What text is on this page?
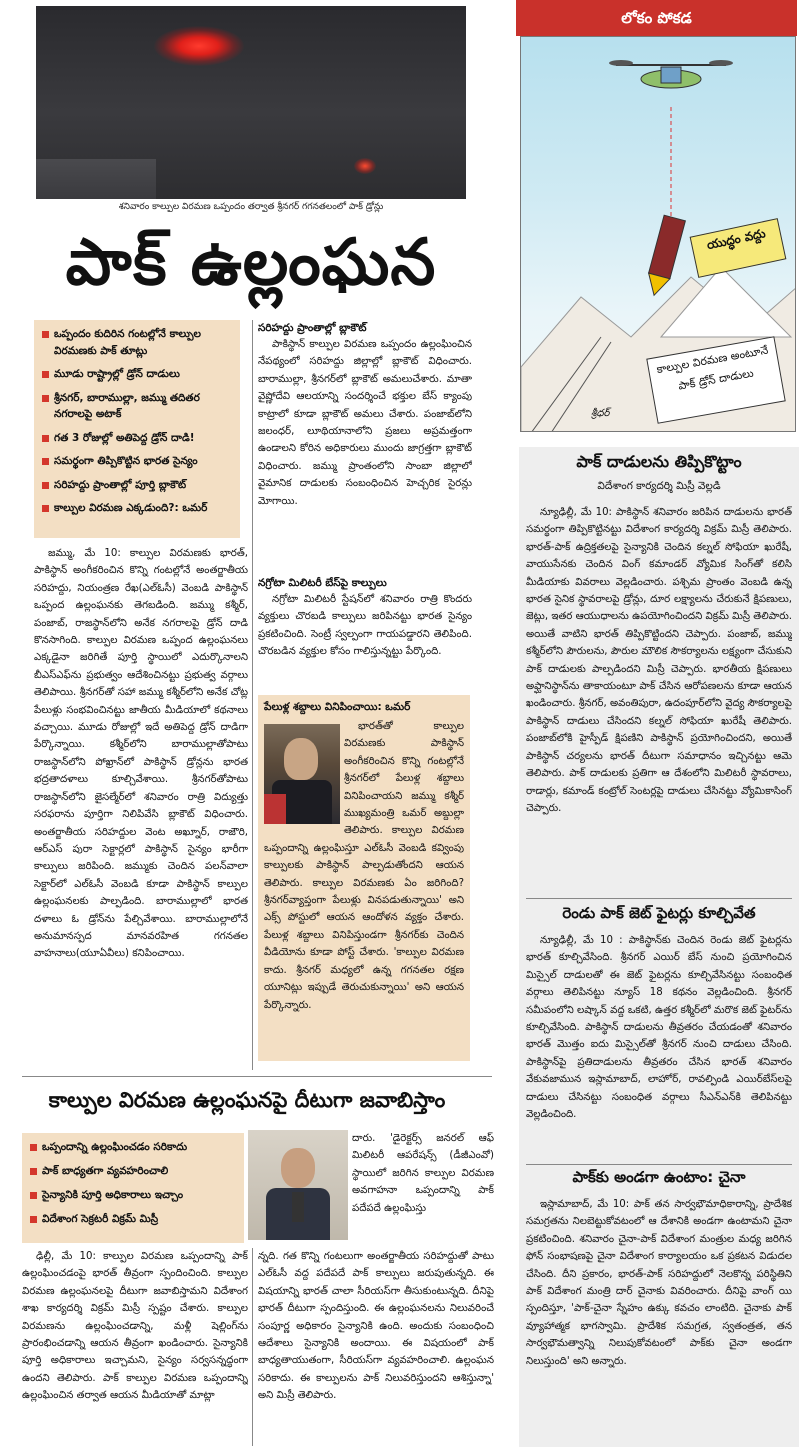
శనివారం కాల్పుల విరమణ ఒప్పందం తర్వాత శ్రీనగర్ గగనతలంలో పాక్ డ్రోన్లు
పాక్ ఉల్లంఘన
ఒప్పందం కుదిరిన గంటల్లోనే కాల్పుల విరమణకు పాక్ తూట్లు
మూడు రాష్ట్రాల్లో డ్రోన్ దాడులు
శ్రీనగర్, బారాముల్లా, జమ్ము తదితర నగరాలపై అటాక్
గత 3 రోజుల్లో అతిపెద్ద డ్రోన్ దాడి!
సమర్థంగా తిప్పికొట్టిన భారత సైన్యం
సరిహద్దు ప్రాంతాల్లో పూర్తి బ్లాకౌట్
కాల్పుల విరమణ ఎక్కడుంది?: ఒమర్

జమ్ము, మే 10: కాల్పుల విరమణకు భారత్, పాకిస్థాన్ అంగీకరించిన కొన్ని గంటల్లోనే అంతర్జాతీయ సరిహద్దు, నియంత్రణ రేఖ(ఎల్ఓసీ) వెంబడి పాకిస్థాన్ ఒప్పంద ఉల్లంఘనకు తెగబడింది. జమ్ము కశ్మీర్, పంజాబ్, రాజస్థాన్‌లోని అనేక నగరాలపై డ్రోన్ దాడి కొనసాగింది. కాల్పుల విరమణ ఒప్పంద ఉల్లంఘనలు ఎక్కడైనా జరిగితే పూర్తి స్థాయిలో ఎదుర్కొనాలని బీఎస్ఎఫ్‌ను ప్రభుత్వం ఆదేశించినట్టు ప్రభుత్వ వర్గాలు తెలిపాయి. శ్రీనగర్‌తో సహా జమ్ము కశ్మీర్‌లోని అనేక చోట్ల పేలుళ్లు సంభవించినట్టు జాతీయ మీడియాలో కథనాలు వచ్చాయి. మూడు రోజుల్లో ఇదే అతిపెద్ద డ్రోన్ దాడిగా పేర్కొన్నాయి. కశ్మీర్‌లోని బారాముల్లాతోపాటు రాజస్థాన్‌లోని పోఖ్రాన్‌లో పాకిస్థాన్ డ్రోన్లను భారత భద్రతాదళాలు కూల్చివేశాయి. శ్రీనగర్‌తోపాటు రాజస్థాన్‌లోని జైసల్మేర్‌లో శనివారం రాత్రి విద్యుత్తు సరఫరాను పూర్తిగా నిలిపివేసి బ్లాకౌట్ విధించారు. అంతర్జాతీయ సరిహద్దుల వెంట అఖ్నూర్, రాజౌరి, ఆర్ఎస్ పురా సెక్టార్లలో పాకిస్థాన్ సైన్యం భారీగా కాల్పులు జరిపింది. జమ్ముకు చెందిన పలన్‌వాలా సెక్టార్‌లో ఎల్ఓసీ వెంబడి కూడా పాకిస్థాన్ కాల్పుల ఉల్లంఘనలకు పాల్పడింది. బారాముల్లాలో భారత దళాలు ఓ డ్రోన్‌ను పేల్చివేశాయి. బారాముల్లాలోనే అనుమానస్పద మానవరహిత గగనతల వాహనాలు(యూఏవీలు) కనిపించాయి.

సరిహద్దు ప్రాంతాల్లో బ్లాకౌట్

పాకిస్థాన్ కాల్పుల విరమణ ఒప్పందం ఉల్లంఘించిన నేపథ్యంలో సరిహద్దు జిల్లాల్లో బ్లాకౌట్ విధించారు. బారాముల్లా, శ్రీనగర్‌లో బ్లాకౌట్ అమలుచేశారు. మాతా వైష్ణోదేవి ఆలయాన్ని సందర్శించే భక్తుల బేస్ క్యాంపు కాట్రాలో కూడా బ్లాకౌట్ అమలు చేశారు. పంజాబ్‌లోని జలంధర్, లూథియానాలోని ప్రజలు అప్రమత్తంగా ఉండాలని కోరిన అధికారులు ముందు జాగ్రత్తగా బ్లాకౌట్ విధించారు. జమ్ము ప్రాంతంలోని సాంబా జిల్లాలో వైమానిక దాడులకు సంబంధించిన హెచ్చరిక సైరన్లు మోగాయి.

నగ్రోటా మిలిటరీ బేస్‌పై కాల్పులు

నగ్రోటా మిలిటరీ స్టేషన్‌లో శనివారం రాత్రి కొందరు వ్యక్తులు చొరబడి కాల్పులు జరిపినట్టు భారత సైన్యం ప్రకటించింది. సెంట్రీ స్వల్పంగా గాయపడ్డారని తెలిపింది. చొరబడిన వ్యక్తుల కోసం గాలిస్తున్నట్టు పేర్కొంది.

పేలుళ్ల శబ్దాలు వినిపించాయి: ఒమర్

భారత్‌తో కాల్పుల విరమణకు పాకిస్థాన్ అంగీకరించిన కొన్ని గంటల్లోనే శ్రీనగర్‌లో పేలుళ్ల శబ్దాలు వినిపించాయని జమ్ము కశ్మీర్ ముఖ్యమంత్రి ఒమర్ అబ్దుల్లా తెలిపారు. కాల్పుల విరమణ ఒప్పందాన్ని ఉల్లంఘిస్తూ ఎల్ఓసీ వెంబడి కవ్వింపు కాల్పులకు పాకిస్థాన్ పాల్పడుతోందని ఆయన తెలిపారు. కాల్పుల విరమణకు ఏం జరిగింది? శ్రీనగర్‌వ్యాప్తంగా పేలుళ్లు వినపడుతున్నాయి' అని ఎక్స్ పోస్టులో ఆయన ఆందోళన వ్యక్తం చేశారు. పేలుళ్ల శబ్దాలు వినిపిస్తుండగా శ్రీనగర్‌కు చెందిన వీడియోను కూడా పోస్ట్ చేశారు. 'కాల్పుల విరమణ కాదు. శ్రీనగర్ మధ్యలో ఉన్న గగనతల రక్షణ యూనిట్లు ఇప్పుడే తెరుచుకున్నాయి' అని ఆయన పేర్కొన్నారు.

లోకం పోకడ
యుద్ధం వద్దు
కాల్పుల విరమణ అంటూనే పాక్ డ్రోన్ దాడులు
శ్రీధర్
పాక్ దాడులను తిప్పికొట్టాం
విదేశాంగ కార్యదర్శి మిస్రీ వెల్లడి

న్యూఢిల్లీ, మే 10: పాకిస్థాన్ శనివారం జరిపిన దాడులను భారత్ సమర్థంగా తిప్పికొట్టినట్టు విదేశాంగ కార్యదర్శి విక్రమ్ మిస్రీ తెలిపారు. భారత్-పాక్ ఉద్రిక్తతలపై సైన్యానికి చెందిన కల్నల్ సోఫియా ఖురేషీ, వాయుసేనకు చెందిన వింగ్ కమాండర్ వ్యోమిక సింగ్‌తో కలిసి మీడియాకు వివరాలు వెల్లడించారు. పశ్చిమ ప్రాంతం వెంబడి ఉన్న భారత సైనిక స్థావరాలపై డ్రోన్లు, దూర లక్ష్యాలను చేరుకునే క్షిపణులు, జెట్లు, ఇతర ఆయుధాలను ఉపయోగించిందని విక్రమ్ మిస్రీ తెలిపారు. అయితే వాటిని భారత్ తిప్పికొట్టిందని చెప్పారు. పంజాబ్, జమ్ము కశ్మీర్‌లోని పౌరులను, పౌరుల మౌలిక సౌకర్యాలను లక్ష్యంగా చేసుకుని పాక్ దాడులకు పాల్పడిందని మిస్రీ చెప్పారు. భారతీయ క్షిపణులు అఫ్ఘానిస్థాన్‌ను తాకాయంటూ పాక్ చేసిన ఆరోపణలను కూడా ఆయన ఖండించారు. శ్రీనగర్, అవంతిపురా, ఉదంపూర్‌లోని వైద్య సౌకర్యాలపై పాకిస్థాన్ దాడులు చేసిందని కల్నల్ సోఫియా ఖురేషీ తెలిపారు. పంజాబ్‌లోకి హైస్పీడ్ క్షిపణిని పాకిస్థాన్ ప్రయోగించిందని, అయితే పాకిస్థాన్ చర్యలను భారత్ దీటుగా సమాధానం ఇచ్చినట్టు ఆమె తెలిపారు. పాక్ దాడులకు ప్రతిగా ఆ దేశంలోని మిలిటరీ స్థావరాలు, రాడార్లు, కమాండ్ కంట్రోల్ సెంటర్లపై దాడులు చేసినట్టు వ్యోమికాసింగ్ చెప్పారు.

రెండు పాక్ జెట్ ఫైటర్లు కూల్చివేత

న్యూఢిల్లీ, మే 10 : పాకిస్థాన్‌కు చెందిన రెండు జెట్ ఫైటర్లను భారత్ కూల్చివేసింది. శ్రీనగర్ ఎయిర్ బేస్ నుంచి ప్రయోగించిన మిస్సైల్ దాడులతో ఈ జెట్ ఫైటర్లను కూల్చివేసినట్టు సంబంధిత వర్గాలు తెలిపినట్టు న్యూస్ 18 కథనం వెల్లడించింది. శ్రీనగర్ సమీపంలోని లష్కాన్ వద్ద ఒకటి, ఉత్తర కశ్మీర్‌లో మరొక జెట్ ఫైటర్‌ను కూల్చివేసింది. పాకిస్థాన్ దాడులను తీవ్రతరం చేయడంతో శనివారం భారత్ మొత్తం ఐదు మిస్సైల్‌తో శ్రీనగర్ నుంచి దాడులు చేసింది. పాకిస్థాన్‌పై ప్రతిదాడులను తీవ్రతరం చేసిన భారత్ శనివారం వేకువజామున ఇస్లామాబాద్, లాహోర్, రావల్పిండి ఎయిర్‌బేస్‌లపై దాడులు చేసినట్టు సంబంధిత వర్గాలు సీఎన్ఎన్‌కి తెలిపినట్టు వెల్లడించింది.

పాక్‌కు అండగా ఉంటాం: చైనా

ఇస్లామాబాద్, మే 10: పాక్ తన సార్వభౌమాధికారాన్ని, ప్రాదేశిక సమగ్రతను నిలబెట్టుకోవటంలో ఆ దేశానికి అండగా ఉంటామని చైనా ప్రకటించింది. శనివారం చైనా-పాక్ విదేశాంగ మంత్రుల మధ్య జరిగిన ఫోన్ సంభాషణపై చైనా విదేశాంగ కార్యాలయం ఒక ప్రకటన విడుదల చేసింది. దీని ప్రకారం, భారత్-పాక్ సరిహద్దులో నెలకొన్న పరిస్థితిని పాక్ విదేశాంగ మంత్రి దార్ చైనాకు వివరించారు. దీనిపై వాంగ్ యి స్పందిస్తూ, 'పాక్-చైనా స్నేహం ఉక్కు కవచం లాంటిది. చైనాకు పాక్ వ్యూహాత్మక భాగస్వామి. ప్రాదేశిక సమగ్రత, స్వతంత్రత, తన సార్వభౌమత్వాన్ని నిలుపుకోవటంలో పాక్‌కు చైనా అండగా నిలుస్తుంది' అని అన్నారు.

కాల్పుల విరమణ ఉల్లంఘనపై దీటుగా జవాబిస్తాం
ఒప్పందాన్ని ఉల్లంఘించడం సరికాదు
పాక్ బాధ్యతగా వ్యవహరించాలి
సైన్యానికి పూర్తి అధికారాలు ఇచ్చాం
విదేశాంగ సెక్రటరీ విక్రమ్ మిస్రీ

దారు. 'డైరెక్టర్స్ జనరల్ ఆఫ్ మిలిటరీ ఆపరేషన్స్ (డీజీఎంవో) స్థాయిలో జరిగిన కాల్పుల విరమణ అవగాహనా ఒప్పందాన్ని పాక్ పదేపదే ఉల్లంఘిస్తు

ఢిల్లీ, మే 10: కాల్పుల విరమణ ఒప్పందాన్ని పాక్ ఉల్లంఘించడంపై భారత్ తీవ్రంగా స్పందించింది. కాల్పుల విరమణ ఉల్లంఘనలపై దీటుగా జవాబిస్తామని విదేశాంగ శాఖ కార్యదర్శి విక్రమ్ మిస్రీ స్పష్టం చేశారు. కాల్పుల విరమణను ఉల్లంఘించడాన్ని, మళ్లీ షెల్లింగ్‌ను ప్రారంభించడాన్ని ఆయన తీవ్రంగా ఖండించారు. సైన్యానికి పూర్తి అధికారాలు ఇచ్చామని, సైన్యం సర్వసన్నద్ధంగా ఉందని తెలిపారు. పాక్ కాల్పుల విరమణ ఒప్పందాన్ని ఉల్లంఘించిన తర్వాత ఆయన మీడియాతో మాట్లా

న్నది. గత కొన్ని గంటలుగా అంతర్జాతీయ సరిహద్దుతో పాటు ఎల్ఓసీ వద్ద పదేపదే పాక్ కాల్పులు జరుపుతున్నది. ఈ విషయాన్ని భారత్ చాలా సీరియస్‌గా తీసుకుంటున్నది. దీనిపై భారత్ దీటుగా స్పందిస్తుంది. ఈ ఉల్లంఘనలను నిలువరించే సంపూర్ణ అధికారం సైన్యానికి ఉంది. అందుకు సంబంధించి ఆదేశాలు సైన్యానికి అందాయి. ఈ విషయంలో పాక్ బాధ్యతాయుతంగా, సీరియస్‌గా వ్యవహరించాలి. ఉల్లంఘన సరికాదు. ఈ కాల్పులను పాక్ నిలువరిస్తుందని ఆశిస్తున్నా' అని మిస్రీ తెలిపారు.
